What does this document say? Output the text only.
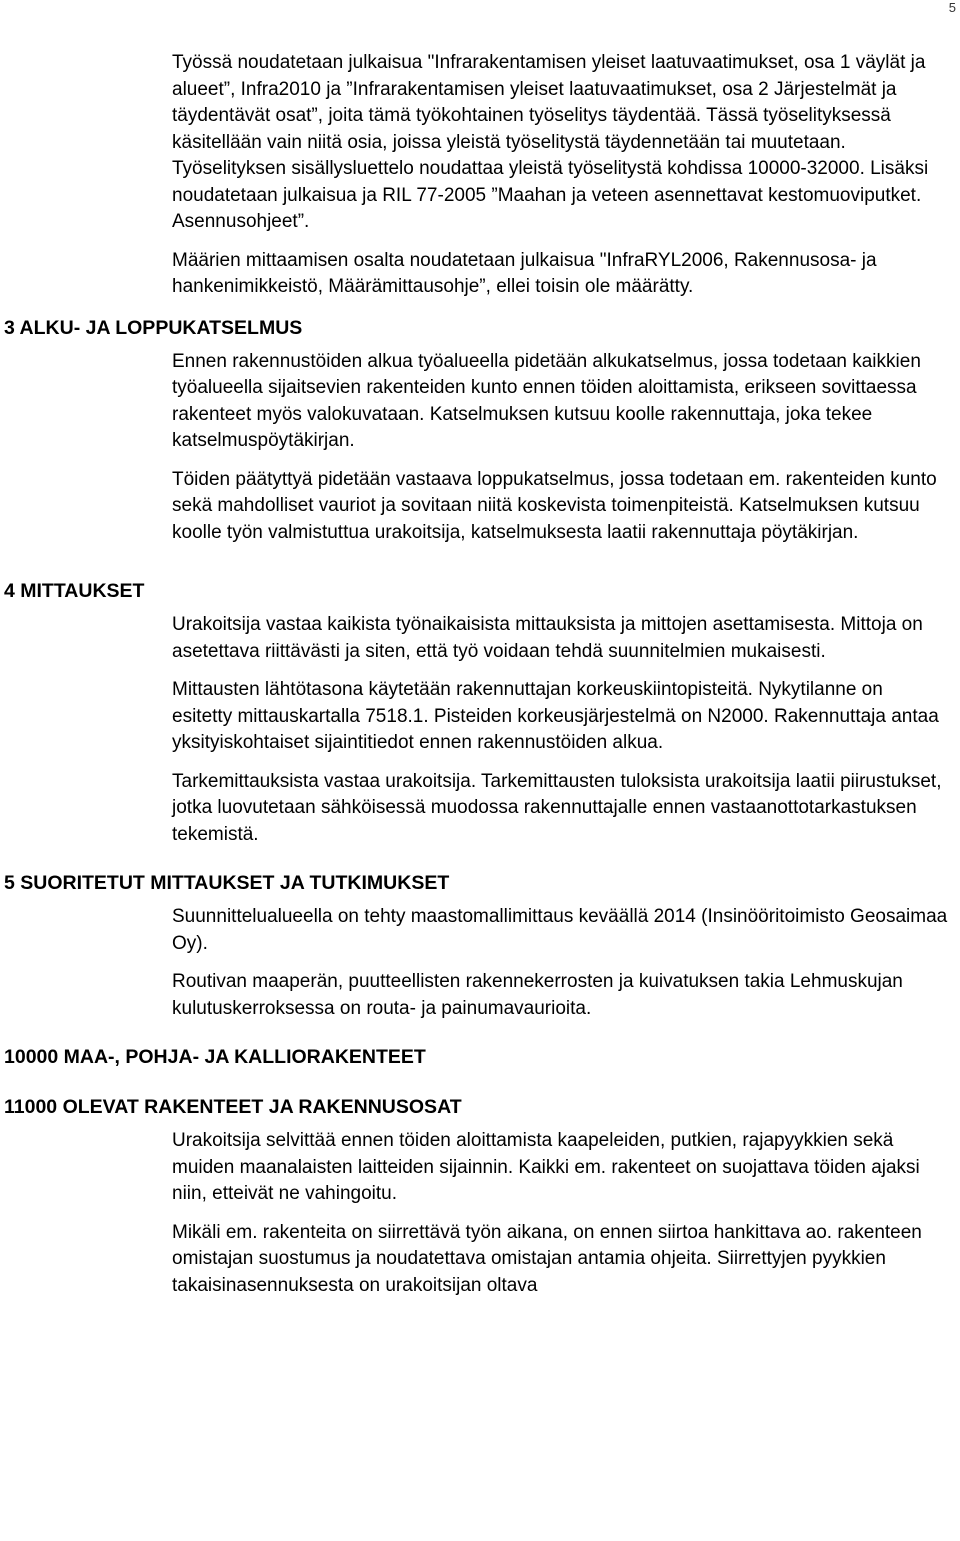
5

Työssä noudatetaan julkaisua "Infrarakentamisen yleiset laatuvaatimukset, osa 1 väylät ja alueet”, Infra2010 ja ”Infrarakentamisen yleiset laatuvaatimukset, osa 2 Järjestelmät ja täydentävät osat”, joita tämä työkohtainen työselitys täydentää. Tässä työselityksessä käsitellään vain niitä osia, joissa yleistä työselitystä täydennetään tai muutetaan. Työselityksen sisällysluettelo noudattaa yleistä työselitystä kohdissa 10000-32000. Lisäksi noudatetaan julkaisua ja RIL 77-2005 ”Maahan ja veteen asennettavat kestomuoviputket. Asennusohjeet”.

Määrien mittaamisen osalta noudatetaan julkaisua "InfraRYL2006, Rakennusosa- ja hankenimikkeistö, Määrämittausohje”, ellei toisin ole määrätty.

3 ALKU- JA LOPPUKATSELMUS

Ennen rakennustöiden alkua työalueella pidetään alkukatselmus, jossa todetaan kaikkien työalueella sijaitsevien rakenteiden kunto ennen töiden aloittamista, erikseen sovittaessa rakenteet myös valokuvataan. Katselmuksen kutsuu koolle rakennuttaja, joka tekee katselmuspöytäkirjan.

Töiden päätyttyä pidetään vastaava loppukatselmus, jossa todetaan em. rakenteiden kunto sekä mahdolliset vauriot ja sovitaan niitä koskevista toimenpiteistä. Katselmuksen kutsuu koolle työn valmistuttua urakoitsija, katselmuksesta laatii rakennuttaja pöytäkirjan.

4 MITTAUKSET

Urakoitsija vastaa kaikista työnaikaisista mittauksista ja mittojen asettamisesta. Mittoja on asetettava riittävästi ja siten, että työ voidaan tehdä suunnitelmien mukaisesti.

Mittausten lähtötasona käytetään rakennuttajan korkeuskiintopisteitä. Nykytilanne on esitetty mittauskartalla 7518.1. Pisteiden korkeusjärjestelmä on N2000. Rakennuttaja antaa yksityiskohtaiset sijaintitiedot ennen rakennustöiden alkua.

Tarkemittauksista vastaa urakoitsija. Tarkemittausten tuloksista urakoitsija laatii piirustukset, jotka luovutetaan sähköisessä muodossa rakennuttajalle ennen vastaanottotarkastuksen tekemistä.

5 SUORITETUT MITTAUKSET JA TUTKIMUKSET

Suunnittelualueella on tehty maastomallimittaus keväällä 2014 (Insinööritoimisto Geosaimaa Oy).

Routivan maaperän, puutteellisten rakennekerrosten ja kuivatuksen takia Lehmuskujan kulutuskerroksessa on routa- ja painumavaurioita.

10000 MAA-, POHJA- JA KALLIORAKENTEET
11000 OLEVAT RAKENTEET JA RAKENNUSOSAT

Urakoitsija selvittää ennen töiden aloittamista kaapeleiden, putkien, rajapyykkien sekä muiden maanalaisten laitteiden sijainnin. Kaikki em. rakenteet on suojattava töiden ajaksi niin, etteivät ne vahingoitu.

Mikäli em. rakenteita on siirrettävä työn aikana, on ennen siirtoa hankittava ao. rakenteen omistajan suostumus ja noudatettava omistajan antamia ohjeita. Siirrettyjen pyykkien takaisinasennuksesta on urakoitsijan oltava
